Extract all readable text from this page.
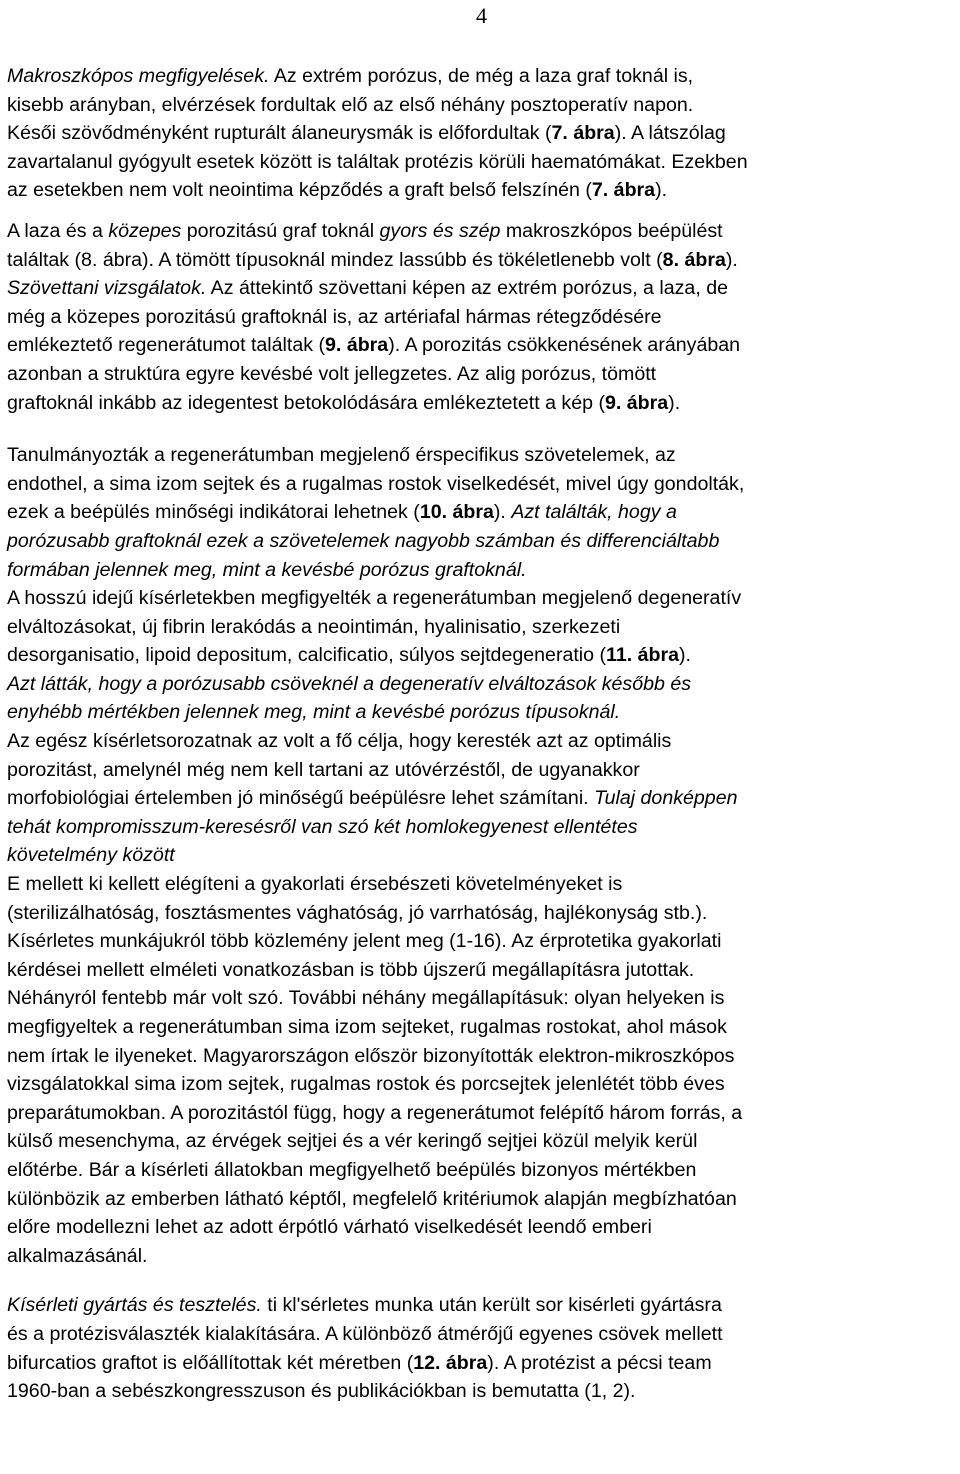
4
Makroszkópos megfigyelések. Az extrém porózus, de még a laza graf toknál is,
kisebb arányban, elvérzések fordultak elő az első néhány posztoperatív napon.
Késői szövődményként rupturált álaneurysmák is előfordultak (7. ábra). A látszólag
zavartalanul gyógyult esetek között is találtak protézis körüli haematómákat. Ezekben
az esetekben nem volt neointima képződés a graft belső felszínén (7. ábra).
A laza és a közepes porozitású graf toknál gyors és szép makroszkópos beépülést
találtak (8. ábra). A tömött típusoknál mindez lassúbb és tökéletlenebb volt (8. ábra).
Szövettani vizsgálatok. Az áttekintő szövettani képen az extrém porózus, a laza, de
még a közepes porozitású graftoknál is, az artériafal hármas rétegződésére
emlékeztető regenerátumot találtak (9. ábra). A porozitás csökkenésének arányában
azonban a struktúra egyre kevésbé volt jellegzetes. Az alig porózus, tömött
graftoknál inkább az idegentest betokolódására emlékeztetett a kép (9. ábra).
Tanulmányozták a regenerátumban megjelenő érspecifikus szövetelemek, az
endothel, a sima izom sejtek és a rugalmas rostok viselkedését, mivel úgy gondolták,
ezek a beépülés minőségi indikátorai lehetnek (10. ábra). Azt találták, hogy a
porózusabb graftoknál ezek a szövetelemek nagyobb számban és differenciáltabb
formában jelennek meg, mint a kevésbé porózus graftoknál.
A hosszú idejű kísérletekben megfigyelték a regenerátumban megjelenő degeneratív
elváltozásokat, új fibrin lerakódás a neointimán, hyalinisatio, szerkezeti
desorganisatio, lipoid depositum, calcificatio, súlyos sejtdegeneratio (11. ábra).
Azt látták, hogy a porózusabb csöveknél a degeneratív elváltozások később és
enyhébb mértékben jelennek meg, mint a kevésbé porózus típusoknál.
Az egész kísérletsorozatnak az volt a fő célja, hogy keresték azt az optimális
porozitást, amelynél még nem kell tartani az utóvérzéstől, de ugyanakkor
morfobiológiai értelemben jó minőségű beépülésre lehet számítani. Tulaj donképpen
tehát kompromisszum-keresésről van szó két homlokegyenest ellentétes
követelmény között
E mellett ki kellett elégíteni a gyakorlati érsebészeti követelményeket is
(sterilizálhatóság, fosztásmentes vághatóság, jó varrhatóság, hajlékonyság stb.).
Kísérletes munkájukról több közlemény jelent meg (1-16). Az érprotetika gyakorlati
kérdései mellett elméleti vonatkozásban is több újszerű megállapításra jutottak.
Néhányról fentebb már volt szó. További néhány megállapításuk: olyan helyeken is
megfigyeltek a regenerátumban sima izom sejteket, rugalmas rostokat, ahol mások
nem írtak le ilyeneket. Magyarországon először bizonyították elektron-mikroszkópos
vizsgálatokkal sima izom sejtek, rugalmas rostok és porcsejtek jelenlétét több éves
preparátumokban. A porozitástól függ, hogy a regenerátumot felépítő három forrás, a
külső mesenchyma, az érvégek sejtjei és a vér keringő sejtjei közül melyik kerül
előtérbe. Bár a kísérleti állatokban megfigyelhető beépülés bizonyos mértékben
különbözik az emberben látható képtől, megfelelő kritériumok alapján megbízhatóan
előre modellezni lehet az adott érpótló várható viselkedését leendő emberi
alkalmazásánál.
Kísérleti gyártás és tesztelés. ti kl'sérletes munka után került sor kisérleti gyártásra
és a protézisválaszték kialakítására. A különböző átmérőjű egyenes csövek mellett
bifurcatios graftot is előállítottak két méretben (12. ábra). A protézist a pécsi team
1960-ban a sebészkongresszuson és publikációkban is bemutatta (1, 2).
